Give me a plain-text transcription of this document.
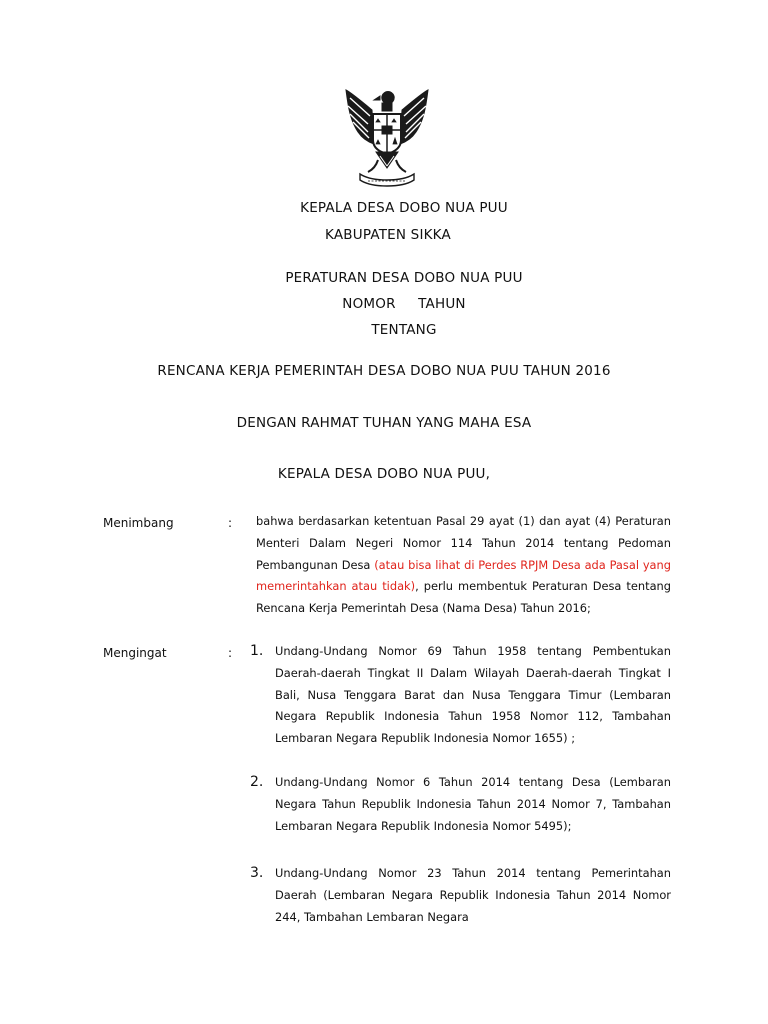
KEPALA DESA DOBO NUA PUU
KABUPATEN SIKKA
PERATURAN DESA DOBO NUA PUU
NOMOR     TAHUN
TENTANG
RENCANA KERJA PEMERINTAH DESA DOBO NUA PUU TAHUN 2016
DENGAN RAHMAT TUHAN YANG MAHA ESA
KEPALA DESA DOBO NUA PUU,
Menimbang	: bahwa berdasarkan ketentuan Pasal 29 ayat (1) dan ayat (4) Peraturan Menteri Dalam Negeri Nomor 114 Tahun 2014 tentang Pedoman Pembangunan Desa (atau bisa lihat di Perdes RPJM Desa ada Pasal yang memerintahkan atau tidak), perlu membentuk Peraturan Desa tentang Rencana Kerja Pemerintah Desa (Nama Desa) Tahun 2016;
Mengingat	: 1. Undang-Undang Nomor 69 Tahun 1958 tentang Pembentukan Daerah-daerah Tingkat II Dalam Wilayah Daerah-daerah Tingkat I Bali, Nusa Tenggara Barat dan Nusa Tenggara Timur (Lembaran Negara Republik Indonesia Tahun 1958 Nomor 112, Tambahan Lembaran Negara Republik Indonesia Nomor 1655) ;
2. Undang-Undang Nomor 6 Tahun 2014 tentang Desa (Lembaran Negara Tahun Republik Indonesia Tahun 2014 Nomor 7, Tambahan Lembaran Negara Republik Indonesia Nomor 5495);
3. Undang-Undang Nomor 23 Tahun 2014 tentang Pemerintahan Daerah (Lembaran Negara Republik Indonesia Tahun 2014 Nomor 244, Tambahan Lembaran Negara
